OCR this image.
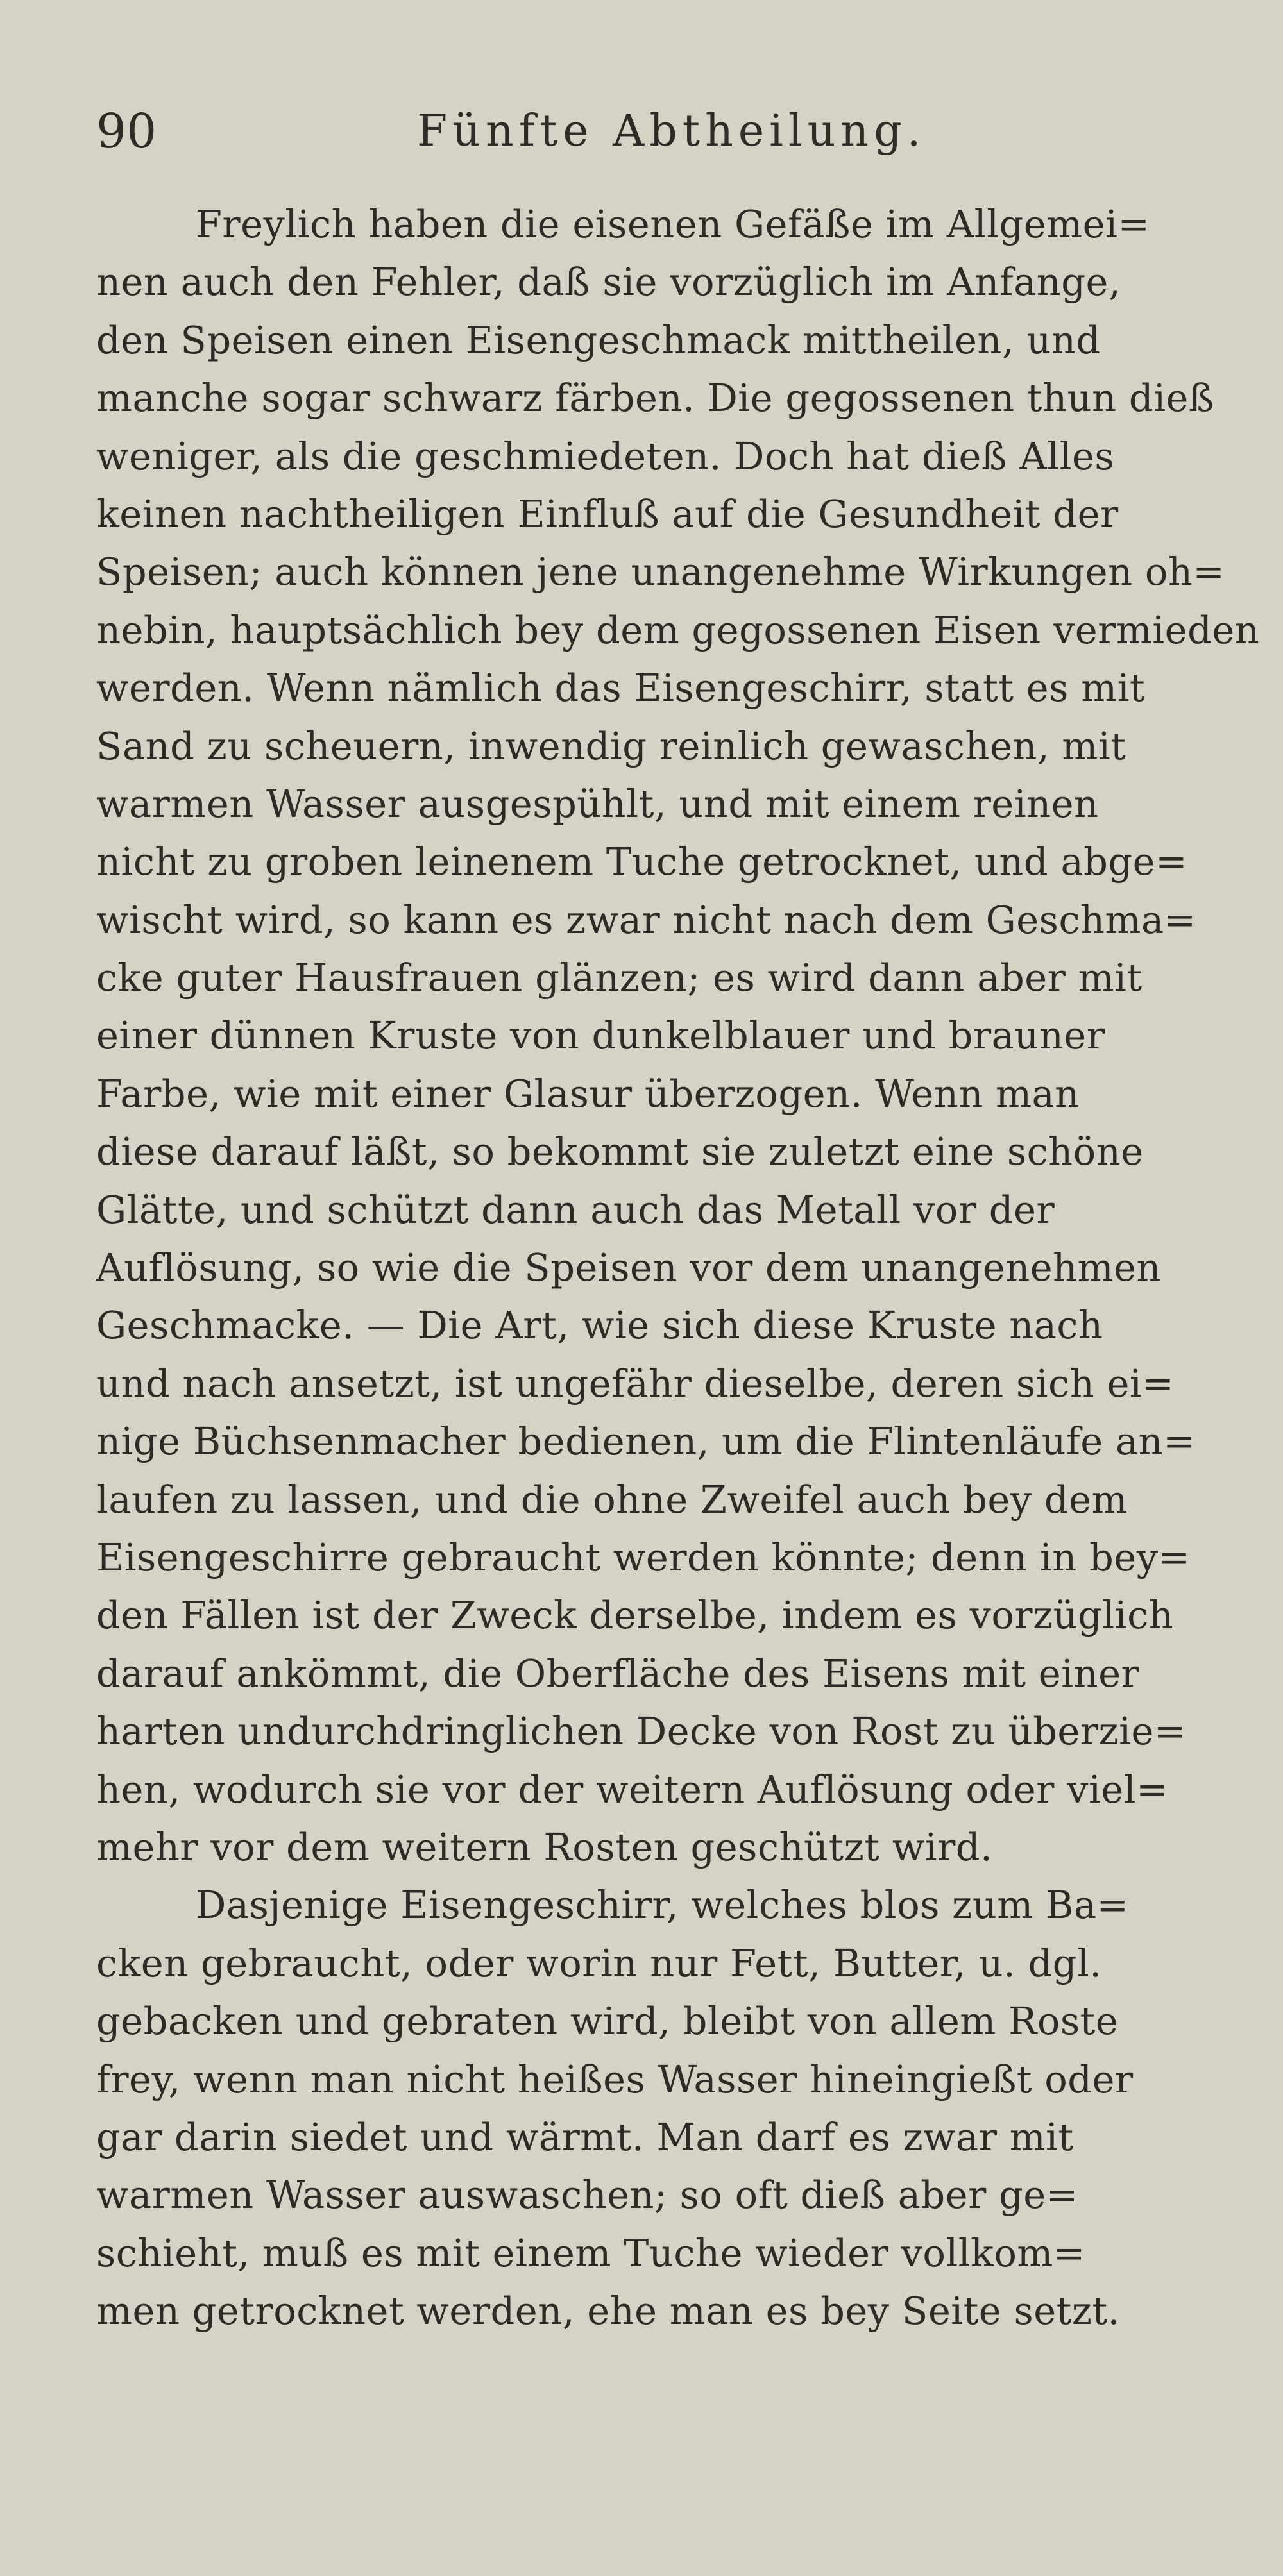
90	Fünfte Abtheilung.
Freylich haben die eisenen Gefäße im Allgemei=
nen auch den Fehler, daß sie vorzüglich im Anfange,
den Speisen einen Eisengeschmack mittheilen, und
manche sogar schwarz färben. Die gegossenen thun dieß
weniger, als die geschmiedeten. Doch hat dieß Alles
keinen nachtheiligen Einfluß auf die Gesundheit der
Speisen; auch können jene unangenehme Wirkungen oh=
nebin, hauptsächlich bey dem gegossenen Eisen vermieden
werden. Wenn nämlich das Eisengeschirr, statt es mit
Sand zu scheuern, inwendig reinlich gewaschen, mit
warmen Wasser ausgespühlt, und mit einem reinen
nicht zu groben leinenem Tuche getrocknet, und abge=
wischt wird, so kann es zwar nicht nach dem Geschma=
cke guter Hausfrauen glänzen; es wird dann aber mit
einer dünnen Kruste von dunkelblauer und brauner
Farbe, wie mit einer Glasur überzogen. Wenn man
diese darauf läßt, so bekommt sie zuletzt eine schöne
Glätte, und schützt dann auch das Metall vor der
Auflösung, so wie die Speisen vor dem unangenehmen
Geschmacke. — Die Art, wie sich diese Kruste nach
und nach ansetzt, ist ungefähr dieselbe, deren sich ei=
nige Büchsenmacher bedienen, um die Flintenläufe an=
laufen zu lassen, und die ohne Zweifel auch bey dem
Eisengeschirre gebraucht werden könnte; denn in bey=
den Fällen ist der Zweck derselbe, indem es vorzüglich
darauf ankömmt, die Oberfläche des Eisens mit einer
harten undurchdringlichen Decke von Rost zu überzie=
hen, wodurch sie vor der weitern Auflösung oder viel=
mehr vor dem weitern Rosten geschützt wird.
Dasjenige Eisengeschirr, welches blos zum Ba=
cken gebraucht, oder worin nur Fett, Butter, u. dgl.
gebacken und gebraten wird, bleibt von allem Roste
frey, wenn man nicht heißes Wasser hineingießt oder
gar darin siedet und wärmt. Man darf es zwar mit
warmen Wasser auswaschen; so oft dieß aber ge=
schieht, muß es mit einem Tuche wieder vollkom=
men getrocknet werden, ehe man es bey Seite setzt.
